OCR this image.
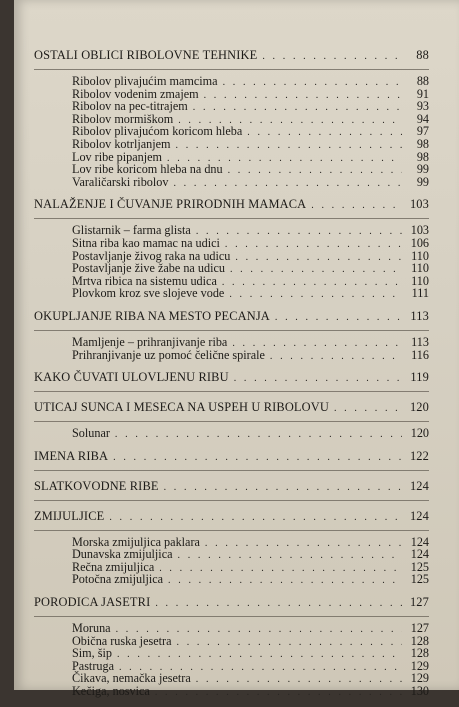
OSTALI OBLICI RIBOLOVNE TEHNIKE . . .	88
Ribolov plivajućim mamcima . . .	88
Ribolov vodenim zmajem . . .	91
Ribolov na pec-titrajem . . .	93
Ribolov mormiškom . . .	94
Ribolov plivajućom koricom hleba . . .	97
Ribolov kotrljanjem . . .	98
Lov ribe pipanjem . . .	98
Lov ribe koricom hleba na dnu . . .	99
Varaličarski ribolov . . .	99
NALAŽENJE I ČUVANJE PRIRODNIH MAMACA . . .	103
Glistarnik – farma glista . . .	103
Sitna riba kao mamac na udici . . .	106
Postavljanje živog raka na udicu . . .	110
Postavljanje žive žabe na udicu . . .	110
Mrtva ribica na sistemu udica . . .	110
Plovkom kroz sve slojeve vode . . .	111
OKUPLJANJE RIBA NA MESTO PECANJA . . .	113
Mamljenje – prihranjivanje riba . . .	113
Prihranjivanje uz pomoć čelične spirale . . .	116
KAKO ČUVATI ULOVLJENU RIBU . . .	119
UTICAJ SUNCA I MESECA NA USPEH U RIBOLOVU . . .	120
Solunar . . .	120
IMENA RIBA . . .	122
SLATKOVODNE RIBE . . .	124
ZMIJULJICE . . .	124
Morska zmijuljica paklara . . .	124
Dunavska zmijuljica . . .	124
Rečna zmijuljica . . .	125
Potočna zmijuljica . . .	125
PORODICA JASETRI . . .	127
Moruna . . .	127
Obična ruska jesetra . . .	128
Sim, šip . . .	128
Pastruga . . .	129
Čikava, nemačka jesetra . . .	129
Kečiga, nosvica . . .	130
